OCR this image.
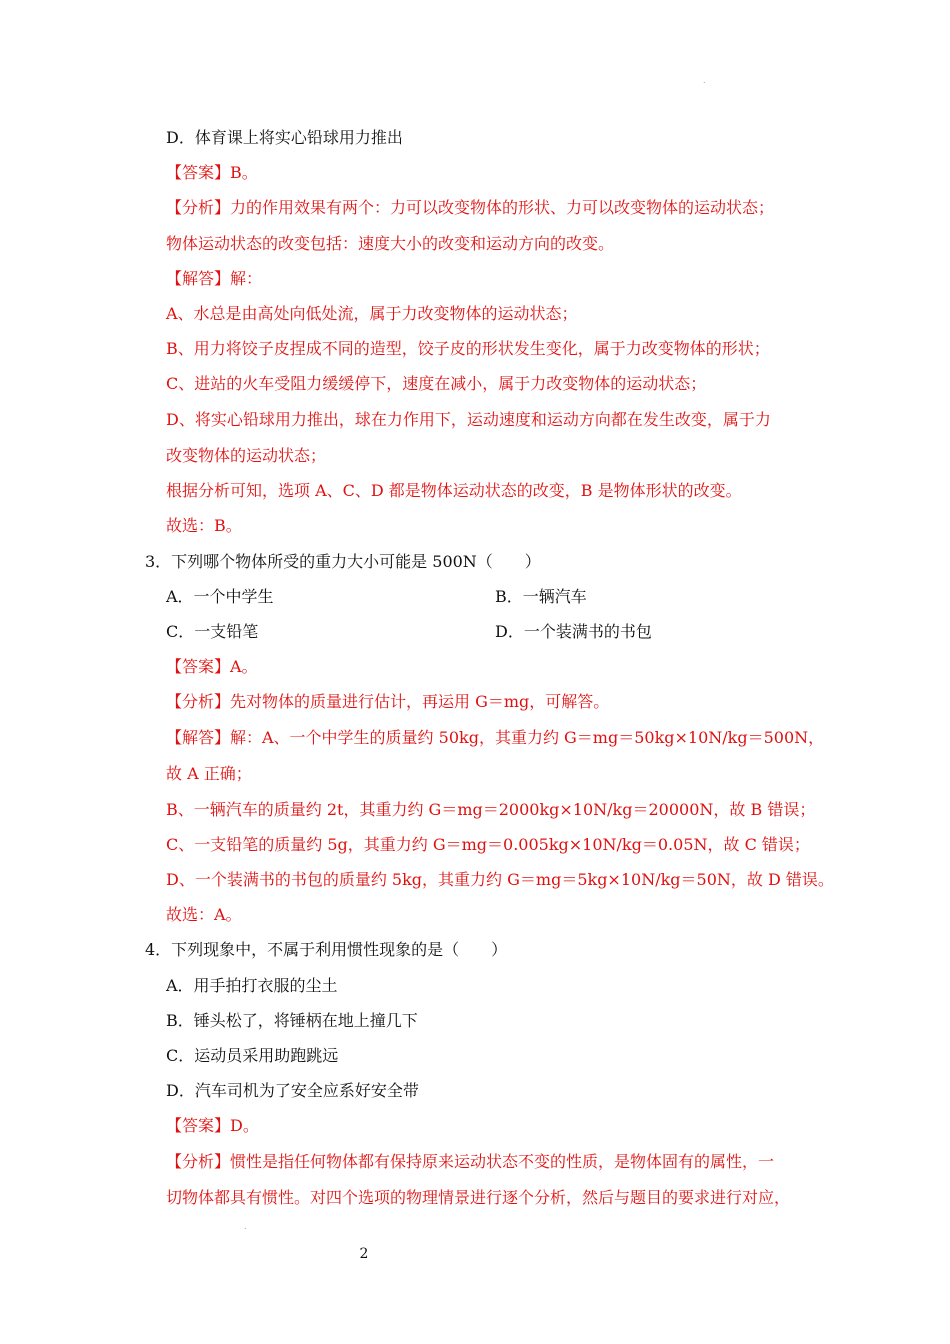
.
D．体育课上将实心铅球用力推出
【答案】B。
【分析】力的作用效果有两个：力可以改变物体的形状、力可以改变物体的运动状态；
物体运动状态的改变包括：速度大小的改变和运动方向的改变。
【解答】解：
A、水总是由高处向低处流，属于力改变物体的运动状态；
B、用力将饺子皮捏成不同的造型，饺子皮的形状发生变化，属于力改变物体的形状；
C、进站的火车受阻力缓缓停下，速度在减小，属于力改变物体的运动状态；
D、将实心铅球用力推出，球在力作用下，运动速度和运动方向都在发生改变，属于力
改变物体的运动状态；
根据分析可知，选项 A、C、D 都是物体运动状态的改变，B 是物体形状的改变。
故选：B。
3．下列哪个物体所受的重力大小可能是 500N（　　）
A．一个中学生	B．一辆汽车
C．一支铅笔	D．一个装满书的书包
【答案】A。
【分析】先对物体的质量进行估计，再运用 G＝mg，可解答。
【解答】解：A、一个中学生的质量约 50kg，其重力约 G＝mg＝50kg×10N/kg＝500N，
故 A 正确；
B、一辆汽车的质量约 2t，其重力约 G＝mg＝2000kg×10N/kg＝20000N，故 B 错误；
C、一支铅笔的质量约 5g，其重力约 G＝mg＝0.005kg×10N/kg＝0.05N，故 C 错误；
D、一个装满书的书包的质量约 5kg，其重力约 G＝mg＝5kg×10N/kg＝50N，故 D 错误。
故选：A。
4．下列现象中，不属于利用惯性现象的是（　　）
A．用手拍打衣服的尘土
B．锤头松了，将锤柄在地上撞几下
C．运动员采用助跑跳远
D．汽车司机为了安全应系好安全带
【答案】D。
【分析】惯性是指任何物体都有保持原来运动状态不变的性质，是物体固有的属性，一
切物体都具有惯性。对四个选项的物理情景进行逐个分析，然后与题目的要求进行对应，
.
2
